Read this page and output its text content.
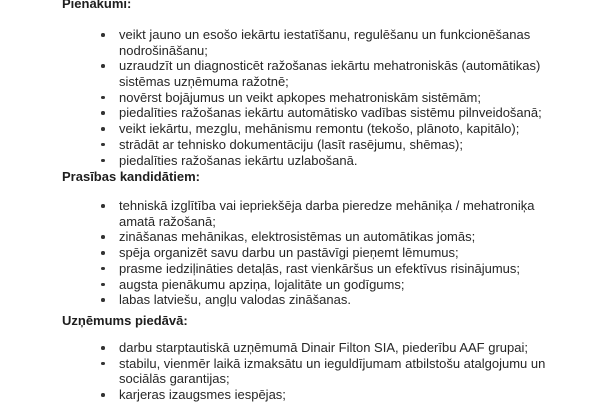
Pienākumi:
veikt jauno un esošo iekārtu iestatīšanu, regulēšanu un funkcionēšanas nodrošināšanu;
uzraudzīt un diagnosticēt ražošanas iekārtu mehatroniskās (automātikas) sistēmas uzņēmuma ražotnē;
novērst bojājumus un veikt apkopes mehatroniskām sistēmām;
piedalīties ražošanas iekārtu automātisko vadības sistēmu pilnveidošanā;
veikt iekārtu, mezglu, mehānismu remontu (tekošo, plānoto, kapitālo);
strādāt ar tehnisko dokumentāciju (lasīt rasējumu, shēmas);
piedalīties ražošanas iekārtu uzlabošanā.
Prasības kandidātiem:
tehniskā izglītība vai iepriekšēja darba pieredze mehāniķa / mehatroniķa amatā ražošanā;
zināšanas mehānikas, elektrosistēmas un automātikas jomās;
spēja organizēt savu darbu un pastāvīgi pieņemt lēmumus;
prasme iedziļināties detaļās, rast vienkāršus un efektīvus risinājumus;
augsta pienākumu apziņa, lojalitāte un godīgums;
labas latviešu, angļu valodas zināšanas.
Uzņēmums piedāvā:
darbu starptautiskā uzņēmumā Dinair Filton SIA, piederību AAF grupai;
stabilu, vienmēr laikā izmaksātu un ieguldījumam atbilstošu atalgojumu un sociālās garantijas;
karjeras izaugsmes iespējas;
